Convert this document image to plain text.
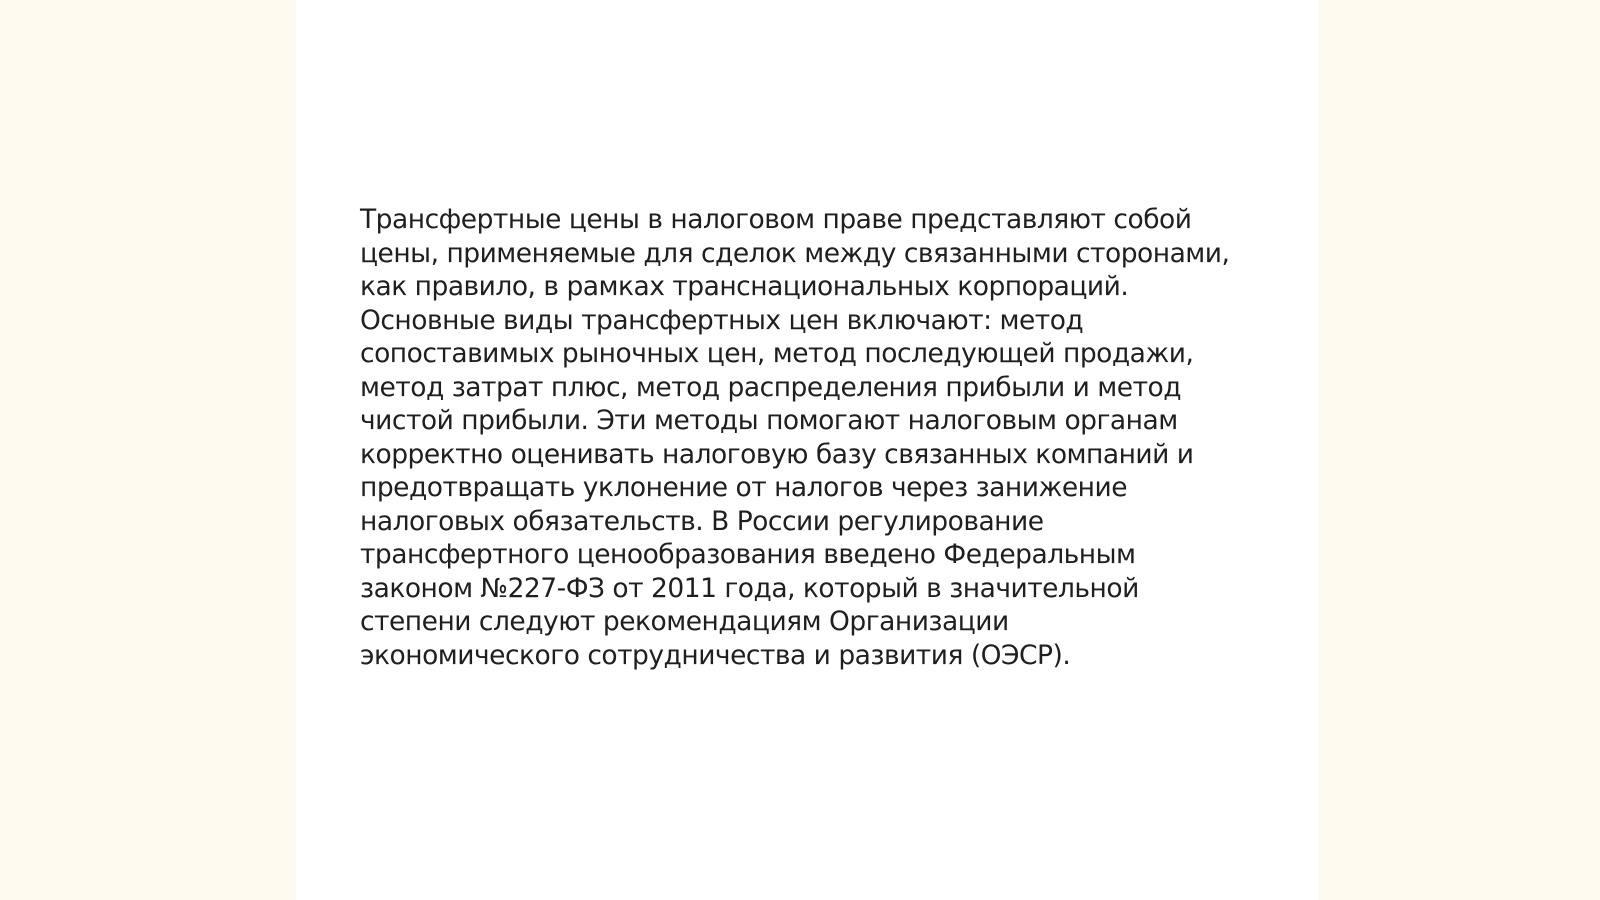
Трансфертные цены в налоговом праве представляют собой
цены, применяемые для сделок между связанными сторонами,
как правило, в рамках транснациональных корпораций.
Основные виды трансфертных цен включают: метод
сопоставимых рыночных цен, метод последующей продажи,
метод затрат плюс, метод распределения прибыли и метод
чистой прибыли. Эти методы помогают налоговым органам
корректно оценивать налоговую базу связанных компаний и
предотвращать уклонение от налогов через занижение
налоговых обязательств. В России регулирование
трансфертного ценообразования введено Федеральным
законом №227-ФЗ от 2011 года, который в значительной
степени следуют рекомендациям Организации
экономического сотрудничества и развития (ОЭСР).
